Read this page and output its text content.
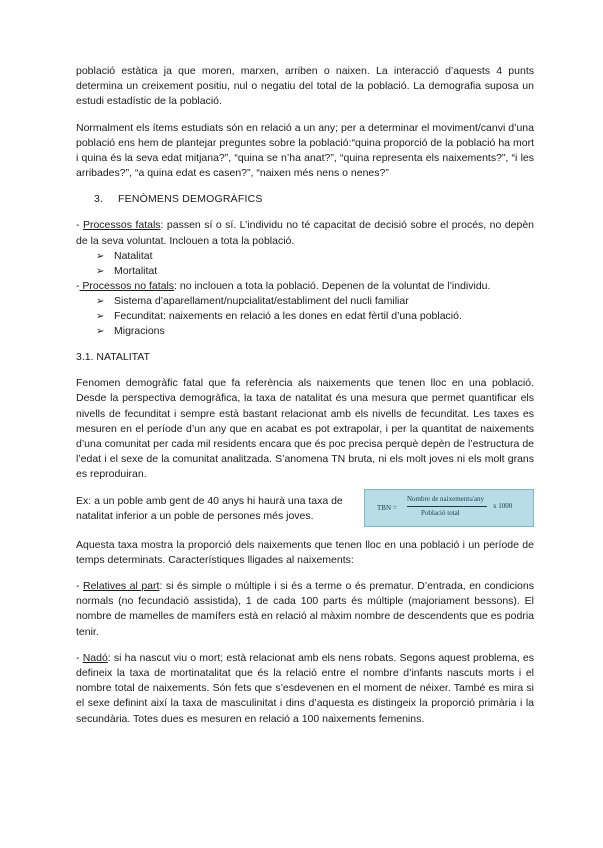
població estàtica ja que moren, marxen, arriben o naixen. La interacció d’aquests 4 punts determina un creixement positiu, nul o negatiu del total de la població. La demografia suposa un estudi estadístic de la població.

Normalment els ítems estudiats són en relació a un any; per a determinar el moviment/canvi d’una població ens hem de plantejar preguntes sobre la població:“quina proporció de la població ha mort i quina és la seva edat mitjana?”, “quina se n’ha anat?”, “quina representa els naixements?”, “i les arribades?”, “a quina edat es casen?”, “naixen més nens o nenes?”

3. FENÒMENS DEMOGRÀFICS

- Processos fatals: passen sí o sí. L’individu no té capacitat de decisió sobre el procés, no depèn de la seva voluntat. Inclouen a tota la població.

➢ Natalitat
➢ Mortalitat

- Processos no fatals: no inclouen a tota la població. Depenen de la voluntat de l’individu.

➢ Sistema d’aparellament/nupcialitat/establiment del nucli familiar
➢ Fecunditat: naixements en relació a les dones en edat fèrtil d’una població.
➢ Migracions

3.1. NATALITAT

Fenomen demogràfic fatal que fa referència als naixements que tenen lloc en una població. Desde la perspectiva demogràfica, la taxa de natalitat és una mesura que permet quantificar els nivells de fecunditat i sempre està bastant relacionat amb els nivells de fecunditat. Les taxes es mesuren en el període d’un any que en acabat es pot extrapolar, i per la quantitat de naixements d’una comunitat per cada mil residents encara que és poc precisa perquè depèn de l’estructura de l’edat i el sexe de la comunitat analitzada. S’anomena TN bruta, ni els molt joves ni els molt grans es reproduiran.

Ex: a un poble amb gent de 40 anys hi haurà una taxa de natalitat inferior a un poble de persones més joves.

TBN =
Nombre de naixements/any
Població total
x 1000

Aquesta taxa mostra la proporció dels naixements que tenen lloc en una població i un període de temps determinats. Característiques lligades al naixements:

- Relatives al part: si és simple o múltiple i si és a terme o és prematur. D’entrada, en condicions normals (no fecundació assistida), 1 de cada 100 parts és múltiple (majoriament bessons). El nombre de mamelles de mamífers està en relació al màxim nombre de descendents que es podria tenir.

- Nadó: si ha nascut viu o mort; està relacionat amb els nens robats. Segons aquest problema, es defineix la taxa de mortinatalitat que és la relació entre el nombre d’infants nascuts morts i el nombre total de naixements. Són fets que s’esdevenen en el moment de néixer. També es mira si el sexe definint així la taxa de masculinitat i dins d’aquesta es distingeix la proporció primària i la secundària. Totes dues es mesuren en relació a 100 naixements femenins.
